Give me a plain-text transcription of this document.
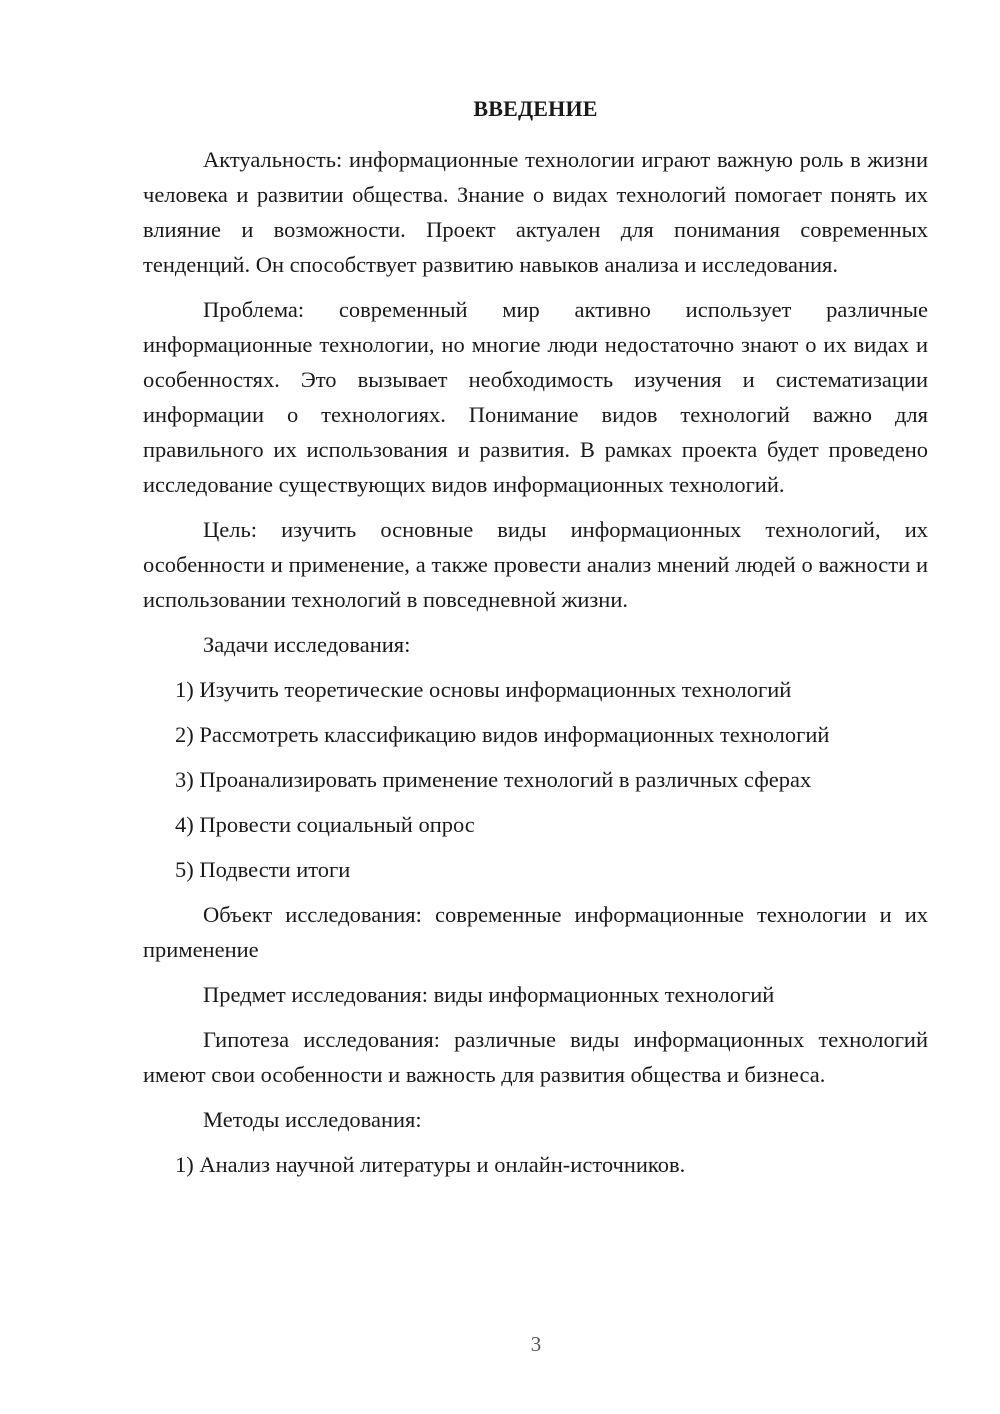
ВВЕДЕНИЕ

Актуальность: информационные технологии играют важную роль в жизни человека и развитии общества. Знание о видах технологий помогает понять их влияние и возможности. Проект актуален для понимания современных тенденций. Он способствует развитию навыков анализа и исследования.

Проблема: современный мир активно использует различные информационные технологии, но многие люди недостаточно знают о их видах и особенностях. Это вызывает необходимость изучения и систематизации информации о технологиях. Понимание видов технологий важно для правильного их использования и развития. В рамках проекта будет проведено исследование существующих видов информационных технологий.

Цель: изучить основные виды информационных технологий, их особенности и применение, а также провести анализ мнений людей о важности и использовании технологий в повседневной жизни.

Задачи исследования:

1) Изучить теоретические основы информационных технологий
2) Рассмотреть классификацию видов информационных технологий
3) Проанализировать применение технологий в различных сферах
4) Провести социальный опрос
5) Подвести итоги

Объект исследования: современные информационные технологии и их применение

Предмет исследования: виды информационных технологий

Гипотеза исследования: различные виды информационных технологий имеют свои особенности и важность для развития общества и бизнеса.

Методы исследования:

1) Анализ научной литературы и онлайн-источников.
3
